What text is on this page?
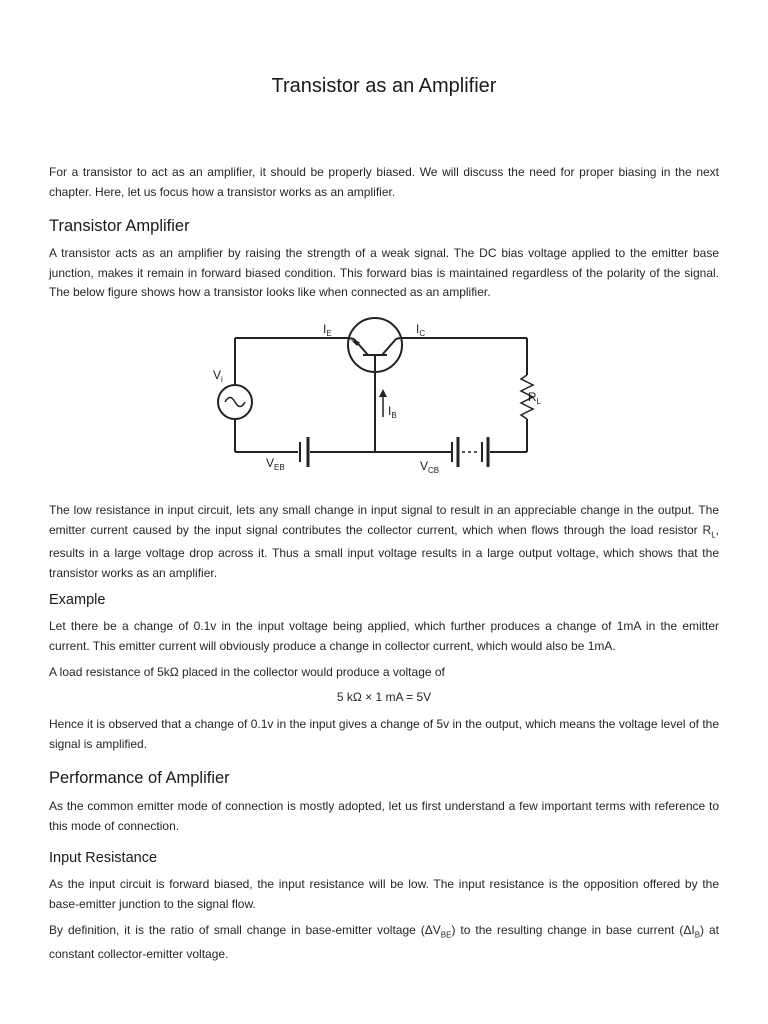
Transistor as an Amplifier

For a transistor to act as an amplifier, it should be properly biased. We will discuss the need for proper biasing in the next chapter. Here, let us focus how a transistor works as an amplifier.

Transistor Amplifier

A transistor acts as an amplifier by raising the strength of a weak signal. The DC bias voltage applied to the emitter base junction, makes it remain in forward biased condition. This forward bias is maintained regardless of the polarity of the signal. The below figure shows how a transistor looks like when connected as an amplifier.

$I_E$	$I_C$
$V_i$
$R_L$
$I_B$
$V_{EB}$	$V_{CB}$

The low resistance in input circuit, lets any small change in input signal to result in an appreciable change in the output. The emitter current caused by the input signal contributes the collector current, which when flows through the load resistor $R_L$, results in a large voltage drop across it. Thus a small input voltage results in a large output voltage, which shows that the transistor works as an amplifier.

Example

Let there be a change of 0.1v in the input voltage being applied, which further produces a change of 1mA in the emitter current. This emitter current will obviously produce a change in collector current, which would also be 1mA.

A load resistance of 5kΩ placed in the collector would produce a voltage of

5 kΩ × 1 mA = 5V

Hence it is observed that a change of 0.1v in the input gives a change of 5v in the output, which means the voltage level of the signal is amplified.

Performance of Amplifier

As the common emitter mode of connection is mostly adopted, let us first understand a few important terms with reference to this mode of connection.

Input Resistance

As the input circuit is forward biased, the input resistance will be low. The input resistance is the opposition offered by the base-emitter junction to the signal flow.

By definition, it is the ratio of small change in base-emitter voltage $(\Delta V_{BE})$ to the resulting change in base current $(\Delta I_B)$ at constant collector-emitter voltage.
